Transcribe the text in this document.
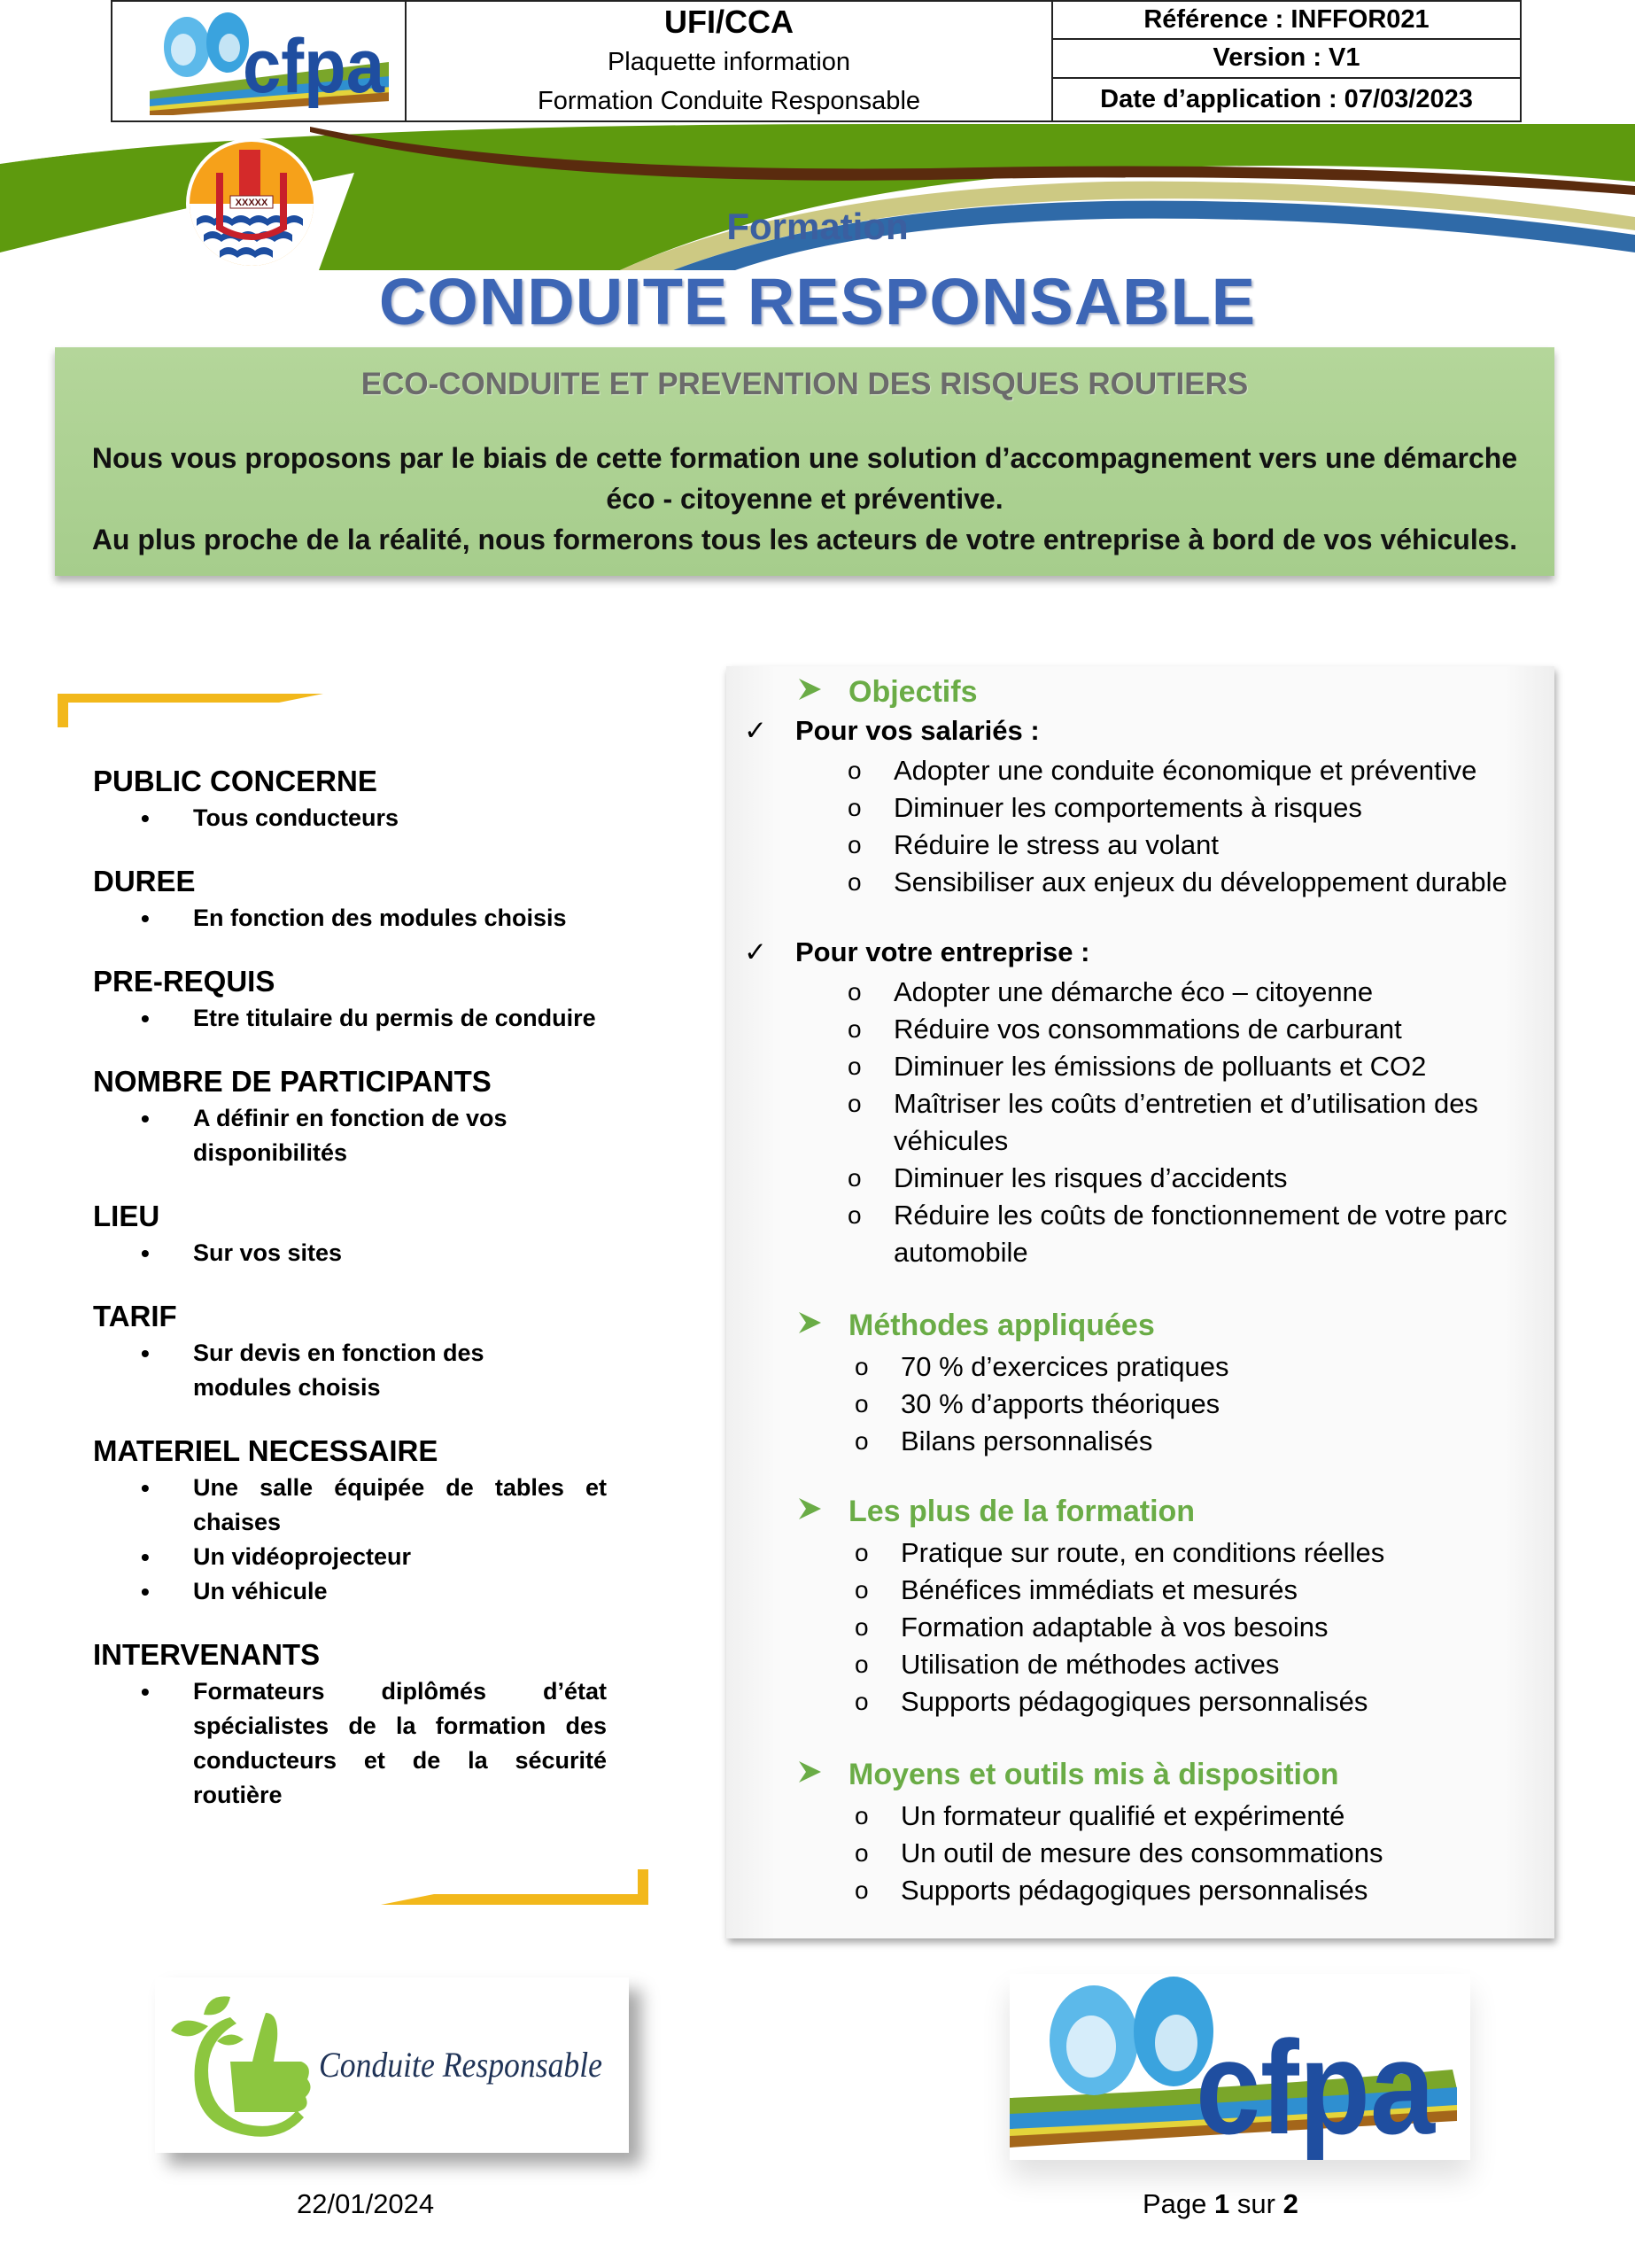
cfpa
UFI/CCA
Plaquette information
Formation Conduite Responsable
Référence : INFFOR021
Version : V1
Date d’application : 07/03/2023
XXXXX
Formation
CONDUITE RESPONSABLE
ECO-CONDUITE ET PREVENTION DES RISQUES ROUTIERS
Nous vous proposons par le biais de cette formation une solution d’accompagnement vers une démarche
éco - citoyenne et préventive.
Au plus proche de la réalité, nous formerons tous les acteurs de votre entreprise à bord de vos véhicules.
PUBLIC CONCERNE
• Tous conducteurs
DUREE
• En fonction des modules choisis
PRE-REQUIS
• Etre titulaire du permis de conduire
NOMBRE DE PARTICIPANTS
• A définir en fonction de vos disponibilités
LIEU
• Sur vos sites
TARIF
• Sur devis en fonction des modules choisis
MATERIEL NECESSAIRE
• Une salle équipée de tables et chaises
• Un vidéoprojecteur
• Un véhicule
INTERVENANTS
• Formateurs diplômés d’état spécialistes de la formation des conducteurs et de la sécurité routière
Objectifs
✓	Pour vos salariés :
o Adopter une conduite économique et préventive
o Diminuer les comportements à risques
o Réduire le stress au volant
o Sensibiliser aux enjeux du développement durable
✓	Pour votre entreprise :
o Adopter une démarche éco – citoyenne
o Réduire vos consommations de carburant
o Diminuer les émissions de polluants et CO2
o Maîtriser les coûts d’entretien et d’utilisation des véhicules
o Diminuer les risques d’accidents
o Réduire les coûts de fonctionnement de votre parc automobile
Méthodes appliquées
o 70 % d’exercices pratiques
o 30 % d’apports théoriques
o Bilans personnalisés
Les plus de la formation
o Pratique sur route, en conditions réelles
o Bénéfices immédiats et mesurés
o Formation adaptable à vos besoins
o Utilisation de méthodes actives
o Supports pédagogiques personnalisés
Moyens et outils mis à disposition
o Un formateur qualifié et expérimenté
o Un outil de mesure des consommations
o Supports pédagogiques personnalisés
Conduite Responsable
22/01/2024
cfpa
Page 1 sur 2
